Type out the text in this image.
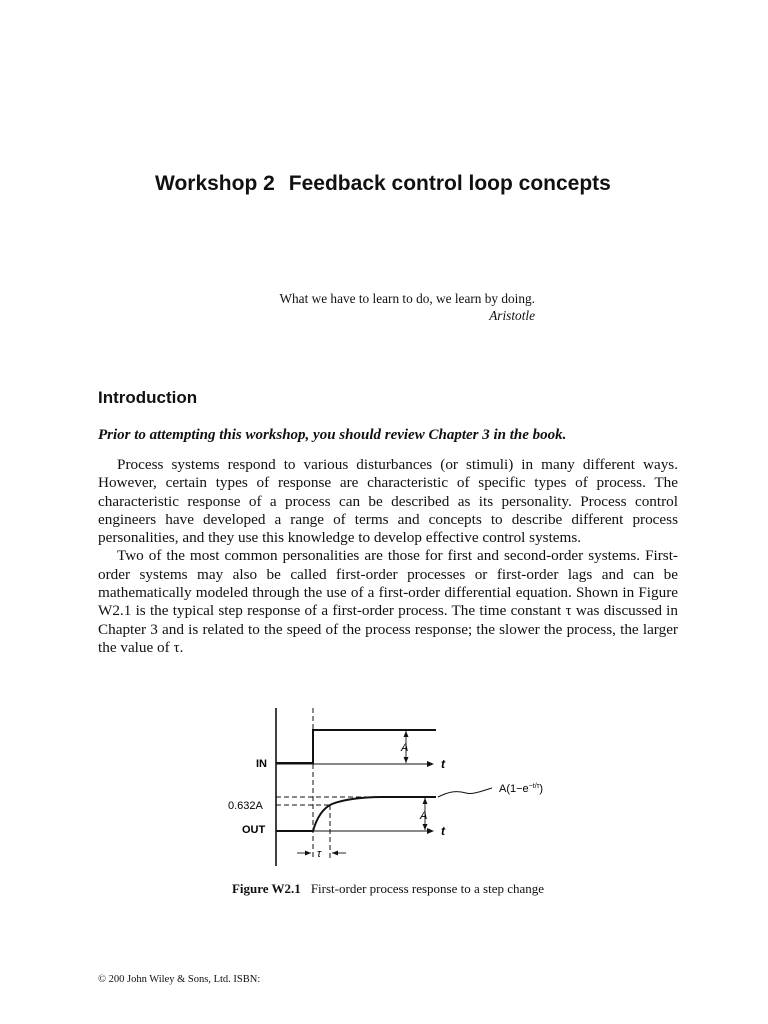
Workshop 2 Feedback control loop concepts
What we have to learn to do, we learn by doing.
Aristotle
Introduction
Prior to attempting this workshop, you should review Chapter 3 in the book.

Process systems respond to various disturbances (or stimuli) in many different ways. However, certain types of response are characteristic of specific types of process. The characteristic response of a process can be described as its personality. Process control engineers have developed a range of terms and concepts to describe different process personalities, and they use this knowledge to develop effective control systems.

Two of the most common personalities are those for first and second-order systems. First-order systems may also be called first-order processes or first-order lags and can be mathematically modeled through the use of a first-order differential equation. Shown in Figure W2.1 is the typical step response of a first-order process. The time constant τ was discussed in Chapter 3 and is related to the speed of the process response; the slower the process, the larger the value of τ.

IN
0.632A
OUT
t
t
A
A
τ
$A(1-e^{-t/\tau})$
Figure W2.1 First-order process response to a step change
© 200 John Wiley & Sons, Ltd. ISBN:
